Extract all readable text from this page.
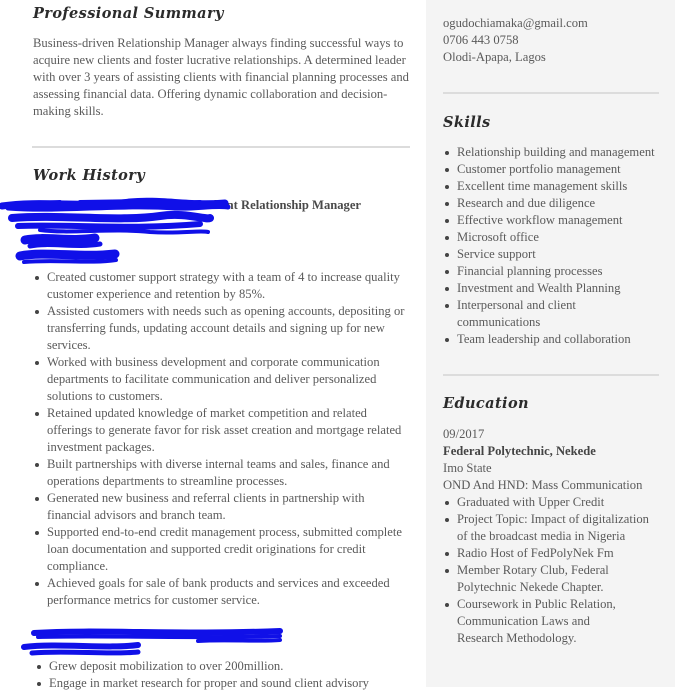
Professional Summary

Business-driven Relationship Manager always finding successful ways to acquire new clients and foster lucrative relationships. A determined leader with over 3 years of assisting clients with financial planning processes and assessing financial data. Offering dynamic collaboration and decision-making skills.

Work History
Client Relationship Manager
Created customer support strategy with a team of 4 to increase quality customer experience and retention by 85%.
Assisted customers with needs such as opening accounts, depositing or transferring funds, updating account details and signing up for new services.
Worked with business development and corporate communication departments to facilitate communication and deliver personalized solutions to customers.
Retained updated knowledge of market competition and related offerings to generate favor for risk asset creation and mortgage related investment packages.
Built partnerships with diverse internal teams and sales, finance and operations departments to streamline processes.
Generated new business and referral clients in partnership with financial advisors and branch team.
Supported end-to-end credit management process, submitted complete loan documentation and supported credit originations for credit compliance.
Achieved goals for sale of bank products and services and exceeded performance metrics for customer service.
Grew deposit mobilization to over 200million.
Engage in market research for proper and sound client advisory
ogudochiamaka@gmail.com
0706 443 0758
Olodi-Apapa, Lagos
Skills
Relationship building and management
Customer portfolio management
Excellent time management skills
Research and due diligence
Effective workflow management
Microsoft office
Service support
Financial planning processes
Investment and Wealth Planning
Interpersonal and client communications
Team leadership and collaboration
Education
09/2017
Federal Polytechnic, Nekede
Imo State
OND And HND: Mass Communication
Graduated with Upper Credit
Project Topic: Impact of digitalization of the broadcast media in Nigeria
Radio Host of FedPolyNek Fm
Member Rotary Club, Federal Polytechnic Nekede Chapter.
Coursework in Public Relation, Communication Laws and Research Methodology.
